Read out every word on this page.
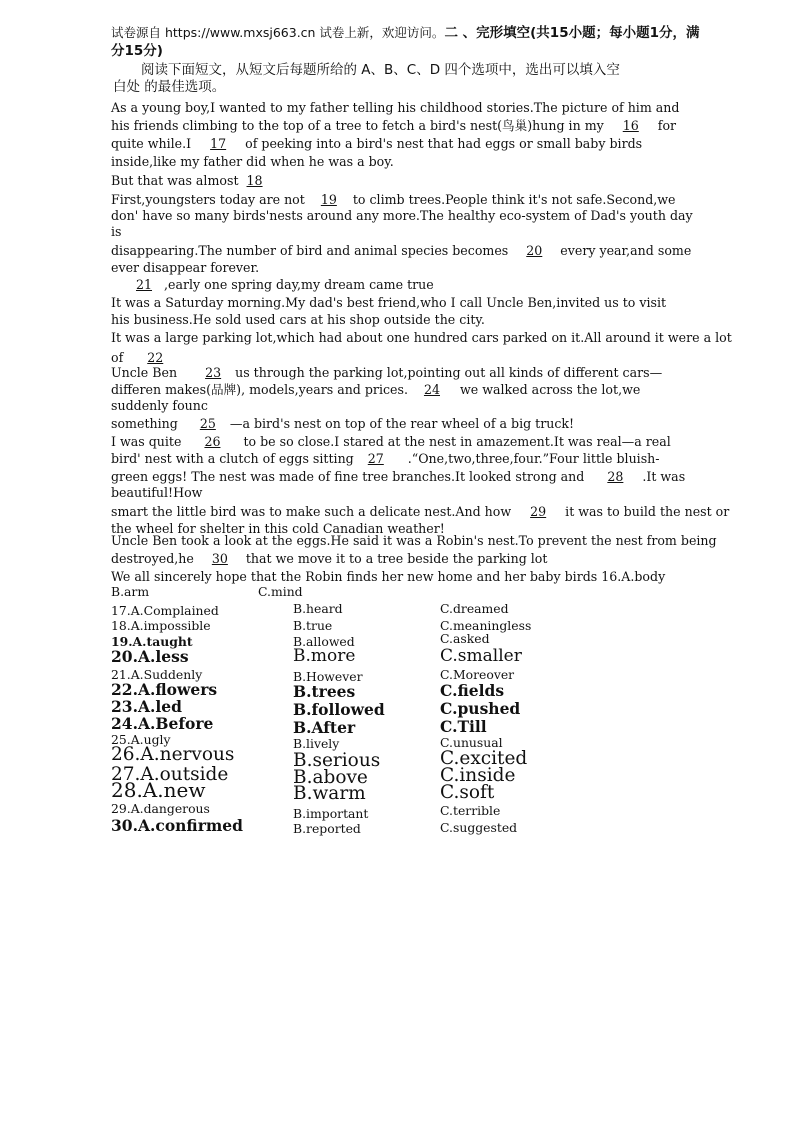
试卷源自 https://www.mxsj663.cn 试卷上新，欢迎访问。二 、完形填空(共15小题；每小题1分，满
分15分)
阅读下面短文，从短文后每题所给的 A、B、C、D 四个选项中，选出可以填入空
白处 的最佳选项。
As a young boy,I wanted to my father telling his childhood stories.The picture of him and
his friends climbing to the top of a tree to fetch a bird's nest(鸟巢)hung in my 16 for
quite while.I 17 of peeking into a bird's nest that had eggs or small baby birds
inside,like my father did when he was a boy.
But that was almost 18
First,youngsters today are not 19 to climb trees.People think it's not safe.Second,we
don' have so many birds'nests around any more.The healthy eco-system of Dad's youth day
is
disappearing.The number of bird and animal species becomes 20 every year,and some
ever disappear forever.
21 ,early one spring day,my dream came true
It was a Saturday morning.My dad's best friend,who I call Uncle Ben,invited us to visit
his business.He sold used cars at his shop outside the city.
It was a large parking lot,which had about one hundred cars parked on it.All around it were a lot
of 22
Uncle Ben 23 us through the parking lot,pointing out all kinds of different cars—
differen makes(品牌), models,years and prices. 24 we walked across the lot,we
suddenly founc
something 25 —a bird's nest on top of the rear wheel of a big truck!
I was quite 26 to be so close.I stared at the nest in amazement.It was real—a real
bird' nest with a clutch of eggs sitting 27 .“One,two,three,four.”Four little bluish-
green eggs! The nest was made of fine tree branches.It looked strong and 28 .It was
beautiful!How
smart the little bird was to make such a delicate nest.And how 29 it was to build the nest or
the wheel for shelter in this cold Canadian weather!
Uncle Ben took a look at the eggs.He said it was a Robin's nest.To prevent the nest from being
destroyed,he 30 that we move it to a tree beside the parking lot
We all sincerely hope that the Robin finds her new home and her baby birds 16.A.body
B.arm	C.mind
17.A.Complained	B.heard	C.dreamed
18.A.impossible	B.true	C.meaningless
19.A.taught	B.allowed	C.asked
20.A.less	B.more	C.smaller
21.A.Suddenly	B.However	C.Moreover
22.A.flowers	B.trees	C.fields
23.A.led	B.followed	C.pushed
24.A.Before	B.After	C.Till
25.A.ugly	B.lively	C.unusual
26.A.nervous	B.serious	C.excited
27.A.outside	B.above	C.inside
28.A.new	B.warm	C.soft
29.A.dangerous	B.important	C.terrible
30.A.confirmed	B.reported	C.suggested
